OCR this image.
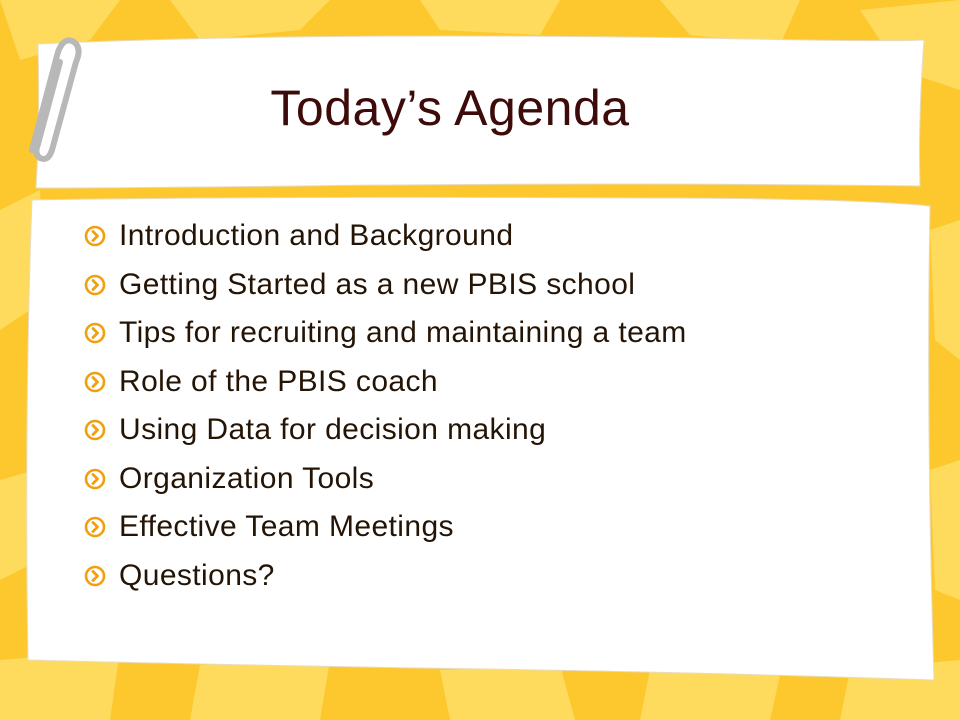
Today’s Agenda
Introduction and Background
Getting Started as a new PBIS school
Tips for recruiting and maintaining a team
Role of the PBIS coach
Using Data for decision making
Organization Tools
Effective Team Meetings
Questions?
